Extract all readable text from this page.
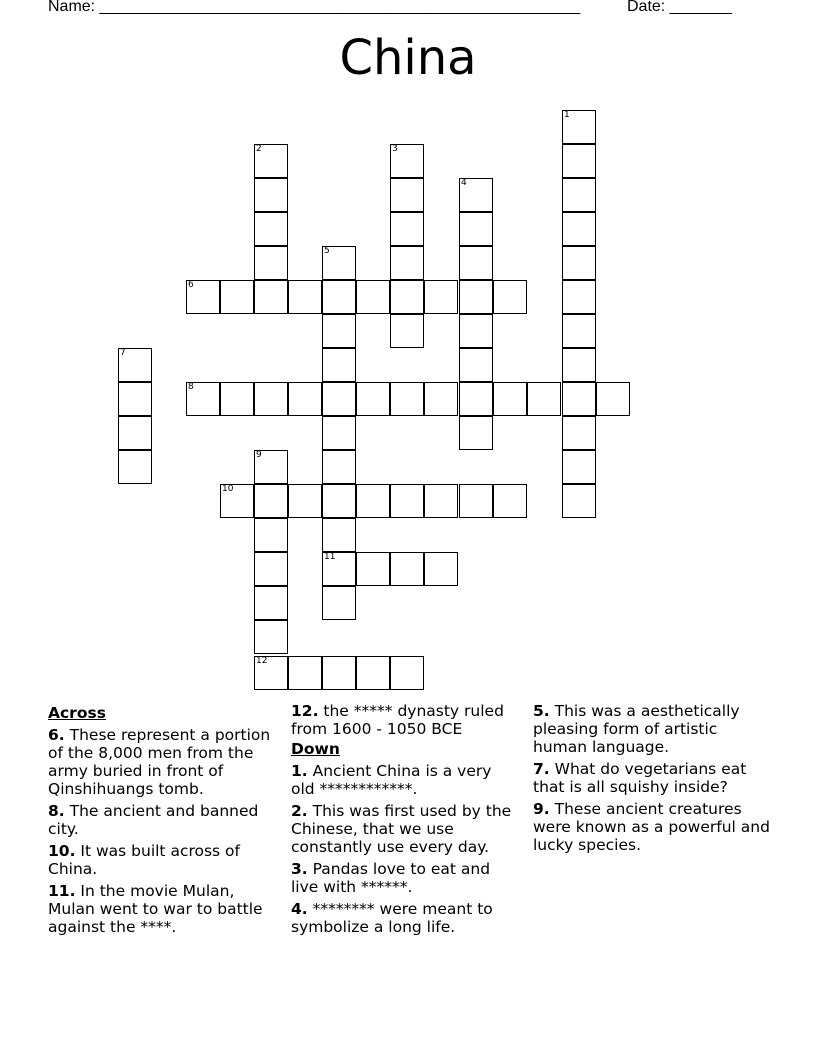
Name: ______________________________________________________	Date: _______
China
1
2	3
4
5
6
7
8
9
10
11
12
Across
6. These represent a portion of the 8,000 men from the army buried in front of Qinshihuangs tomb.
8. The ancient and banned city.
10. It was built across of China.
11. In the movie Mulan, Mulan went to war to battle against the ****.
12. the ***** dynasty ruled from 1600 - 1050 BCE
Down
1. Ancient China is a very old ************.
2. This was first used by the Chinese, that we use constantly use every day.
3. Pandas love to eat and live with ******.
4. ******** were meant to symbolize a long life.
5. This was a aesthetically pleasing form of artistic human language.
7. What do vegetarians eat that is all squishy inside?
9. These ancient creatures were known as a powerful and lucky species.
